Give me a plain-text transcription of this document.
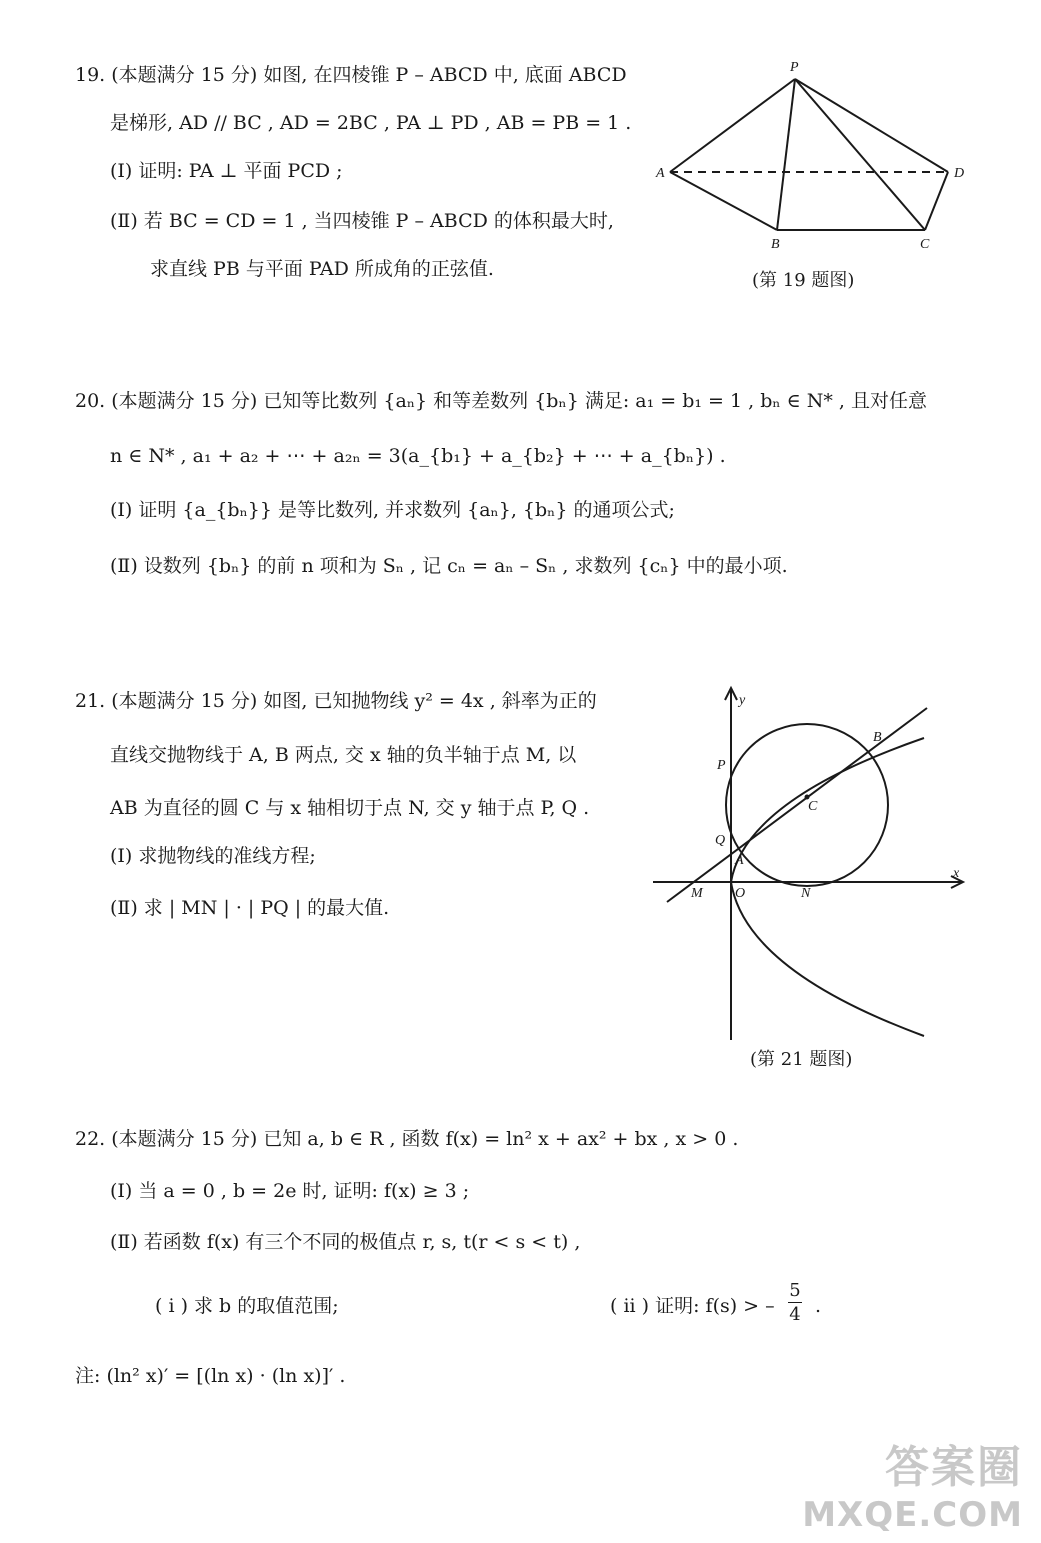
19. (本题满分 15 分) 如图, 在四棱锥 P – ABCD 中, 底面 ABCD
是梯形, AD // BC , AD = 2BC , PA ⊥ PD , AB = PB = 1 .
(Ⅰ) 证明: PA ⊥ 平面 PCD ;
(Ⅱ) 若 BC = CD = 1 , 当四棱锥 P – ABCD 的体积最大时,
求直线 PB 与平面 PAD 所成角的正弦值.
P
A	D
B	C
(第 19 题图)
20. (本题满分 15 分) 已知等比数列 {aₙ} 和等差数列 {bₙ} 满足: a₁ = b₁ = 1 , bₙ ∈ N* , 且对任意
n ∈ N* , a₁ + a₂ + ⋯ + a₂ₙ = 3(a_{b₁} + a_{b₂} + ⋯ + a_{bₙ}) .
(Ⅰ) 证明 {a_{bₙ}} 是等比数列, 并求数列 {aₙ}, {bₙ} 的通项公式;
(Ⅱ) 设数列 {bₙ} 的前 n 项和为 Sₙ , 记 cₙ = aₙ – Sₙ , 求数列 {cₙ} 中的最小项.
21. (本题满分 15 分) 如图, 已知抛物线 y² = 4x , 斜率为正的
直线交抛物线于 A, B 两点, 交 x 轴的负半轴于点 M, 以
AB 为直径的圆 C 与 x 轴相切于点 N, 交 y 轴于点 P, Q .
(Ⅰ) 求抛物线的准线方程;
(Ⅱ) 求 | MN | · | PQ | 的最大值.
y
x
B
P
C
Q
A
M O	N
(第 21 题图)
22. (本题满分 15 分) 已知 a, b ∈ R , 函数 f(x) = ln² x + ax² + bx , x > 0 .
(Ⅰ) 当 a = 0 , b = 2e 时, 证明: f(x) ≥ 3 ;
(Ⅱ) 若函数 f(x) 有三个不同的极值点 r, s, t(r < s < t) ,
( i ) 求 b 的取值范围;	( ii ) 证明: f(s) > –
5
4 .
注: (ln² x)′ = [(ln x) · (ln x)]′ .
答案圈
MXQE.COM
